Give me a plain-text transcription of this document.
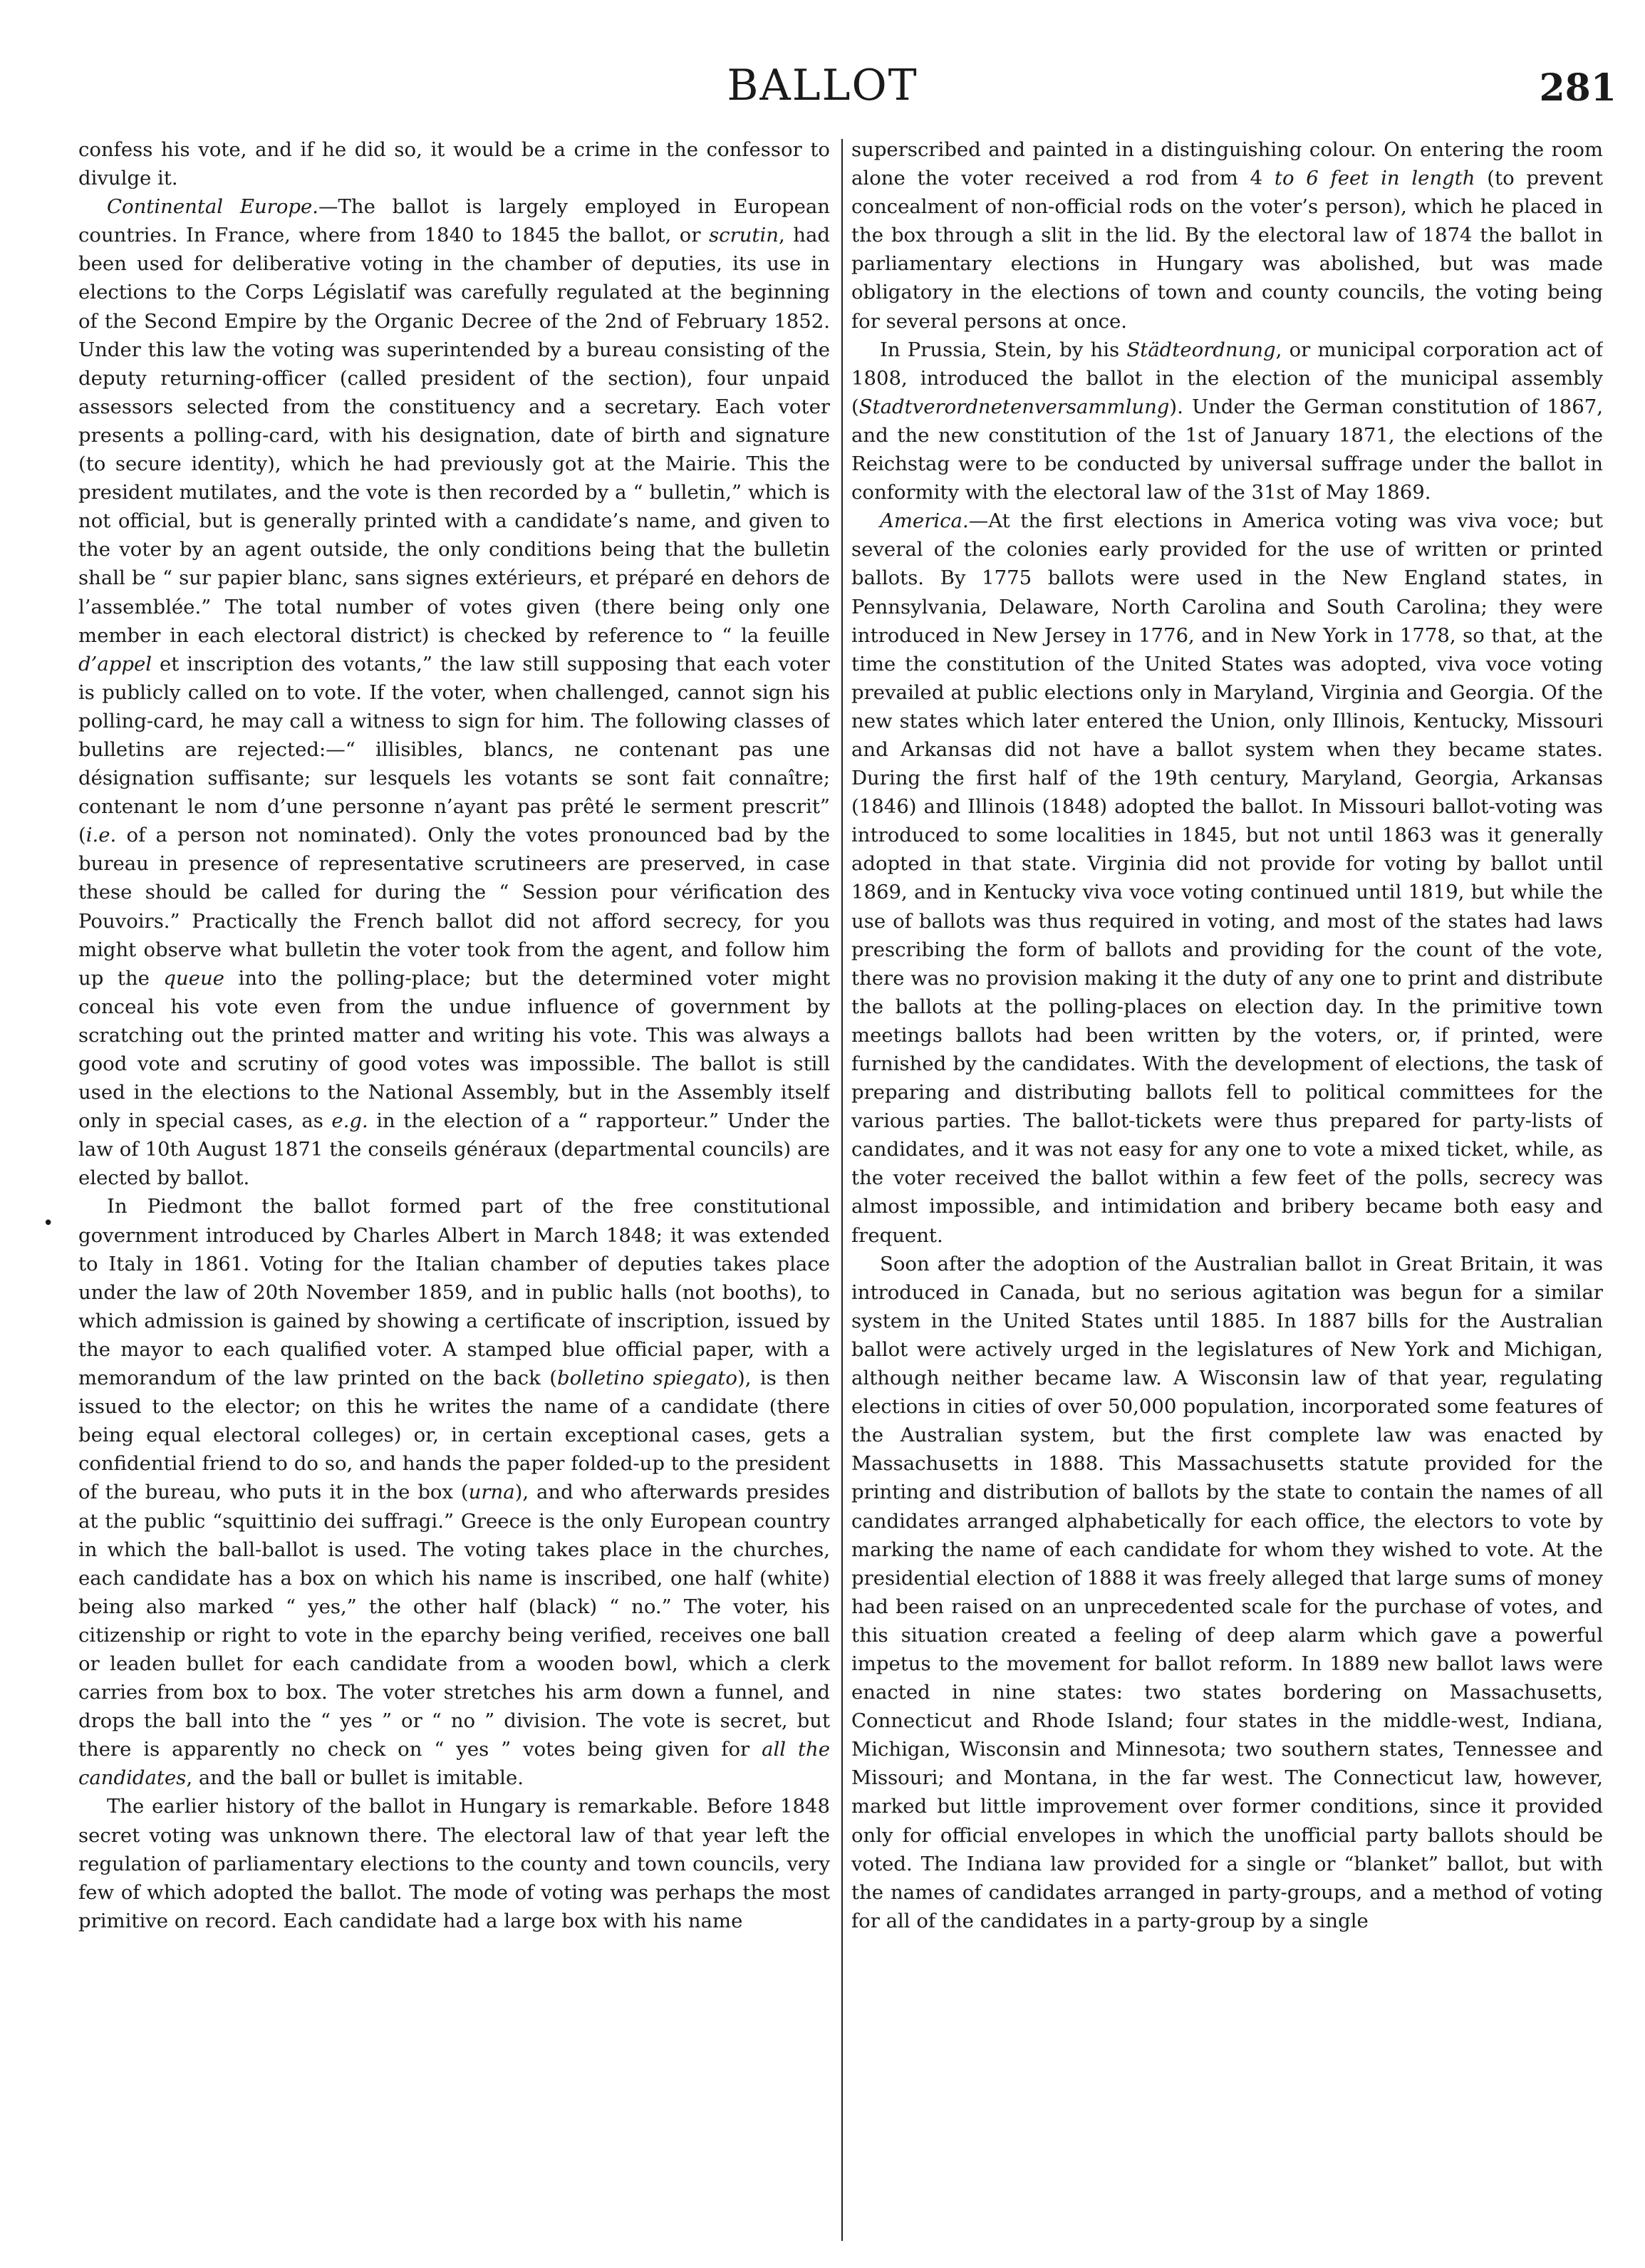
BALLOT	281
•

confess his vote, and if he did so, it would be a crime in the confessor to divulge it.

Continental Europe.—The ballot is largely employed in European countries. In France, where from 1840 to 1845 the ballot, or scrutin, had been used for deliberative voting in the chamber of deputies, its use in elections to the Corps Législatif was carefully regulated at the beginning of the Second Empire by the Organic Decree of the 2nd of February 1852. Under this law the voting was superintended by a bureau consisting of the deputy returning-officer (called president of the section), four unpaid assessors selected from the constituency and a secretary. Each voter presents a polling-card, with his designation, date of birth and signature (to secure identity), which he had previously got at the Mairie. This the president mutilates, and the vote is then recorded by a “ bulletin,” which is not official, but is generally printed with a candidate’s name, and given to the voter by an agent outside, the only conditions being that the bulletin shall be “ sur papier blanc, sans signes extérieurs, et préparé en dehors de l’assemblée.” The total number of votes given (there being only one member in each electoral district) is checked by reference to “ la feuille d’appel et inscription des votants,” the law still supposing that each voter is publicly called on to vote. If the voter, when challenged, cannot sign his polling-card, he may call a witness to sign for him. The following classes of bulletins are rejected:—“ illisibles, blancs, ne contenant pas une désignation suffisante; sur lesquels les votants se sont fait connaître; contenant le nom d’une personne n’ayant pas prêté le serment prescrit” (i.e. of a person not nominated). Only the votes pronounced bad by the bureau in presence of representative scrutineers are preserved, in case these should be called for during the “ Session pour vérification des Pouvoirs.” Practically the French ballot did not afford secrecy, for you might observe what bulletin the voter took from the agent, and follow him up the queue into the polling-place; but the determined voter might conceal his vote even from the undue influence of government by scratching out the printed matter and writing his vote. This was always a good vote and scrutiny of good votes was impossible. The ballot is still used in the elections to the National Assembly, but in the Assembly itself only in special cases, as e.g. in the election of a “ rapporteur.” Under the law of 10th August 1871 the conseils généraux (departmental councils) are elected by ballot.

In Piedmont the ballot formed part of the free constitutional government introduced by Charles Albert in March 1848; it was extended to Italy in 1861. Voting for the Italian chamber of deputies takes place under the law of 20th November 1859, and in public halls (not booths), to which admission is gained by showing a certificate of inscription, issued by the mayor to each qualified voter. A stamped blue official paper, with a memorandum of the law printed on the back (bolletino spiegato), is then issued to the elector; on this he writes the name of a candidate (there being equal electoral colleges) or, in certain exceptional cases, gets a confidential friend to do so, and hands the paper folded-up to the president of the bureau, who puts it in the box (urna), and who afterwards presides at the public “squittinio dei suffragi.” Greece is the only European country in which the ball-ballot is used. The voting takes place in the churches, each candidate has a box on which his name is inscribed, one half (white) being also marked “ yes,” the other half (black) “ no.” The voter, his citizenship or right to vote in the eparchy being verified, receives one ball or leaden bullet for each candidate from a wooden bowl, which a clerk carries from box to box. The voter stretches his arm down a funnel, and drops the ball into the “ yes ” or “ no ” division. The vote is secret, but there is apparently no check on “ yes ” votes being given for all the candidates, and the ball or bullet is imitable.

The earlier history of the ballot in Hungary is remarkable. Before 1848 secret voting was unknown there. The electoral law of that year left the regulation of parliamentary elections to the county and town councils, very few of which adopted the ballot. The mode of voting was perhaps the most primitive on record. Each candidate had a large box with his name

superscribed and painted in a distinguishing colour. On entering the room alone the voter received a rod from 4 to 6 feet in length (to prevent concealment of non-official rods on the voter’s person), which he placed in the box through a slit in the lid. By the electoral law of 1874 the ballot in parliamentary elections in Hungary was abolished, but was made obligatory in the elections of town and county councils, the voting being for several persons at once.

In Prussia, Stein, by his Städteordnung, or municipal corporation act of 1808, introduced the ballot in the election of the municipal assembly (Stadtverordnetenversammlung). Under the German constitution of 1867, and the new constitution of the 1st of January 1871, the elections of the Reichstag were to be conducted by universal suffrage under the ballot in conformity with the electoral law of the 31st of May 1869.

America.—At the first elections in America voting was viva voce; but several of the colonies early provided for the use of written or printed ballots. By 1775 ballots were used in the New England states, in Pennsylvania, Delaware, North Carolina and South Carolina; they were introduced in New Jersey in 1776, and in New York in 1778, so that, at the time the constitution of the United States was adopted, viva voce voting prevailed at public elections only in Maryland, Virginia and Georgia. Of the new states which later entered the Union, only Illinois, Kentucky, Missouri and Arkansas did not have a ballot system when they became states. During the first half of the 19th century, Maryland, Georgia, Arkansas (1846) and Illinois (1848) adopted the ballot. In Missouri ballot-voting was introduced to some localities in 1845, but not until 1863 was it generally adopted in that state. Virginia did not provide for voting by ballot until 1869, and in Kentucky viva voce voting continued until 1819, but while the use of ballots was thus required in voting, and most of the states had laws prescribing the form of ballots and providing for the count of the vote, there was no provision making it the duty of any one to print and distribute the ballots at the polling-places on election day. In the primitive town meetings ballots had been written by the voters, or, if printed, were furnished by the candidates. With the development of elections, the task of preparing and distributing ballots fell to political committees for the various parties. The ballot-tickets were thus prepared for party-lists of candidates, and it was not easy for any one to vote a mixed ticket, while, as the voter received the ballot within a few feet of the polls, secrecy was almost impossible, and intimidation and bribery became both easy and frequent.

Soon after the adoption of the Australian ballot in Great Britain, it was introduced in Canada, but no serious agitation was begun for a similar system in the United States until 1885. In 1887 bills for the Australian ballot were actively urged in the legislatures of New York and Michigan, although neither became law. A Wisconsin law of that year, regulating elections in cities of over 50,000 population, incorporated some features of the Australian system, but the first complete law was enacted by Massachusetts in 1888. This Massachusetts statute provided for the printing and distribution of ballots by the state to contain the names of all candidates arranged alphabetically for each office, the electors to vote by marking the name of each candidate for whom they wished to vote. At the presidential election of 1888 it was freely alleged that large sums of money had been raised on an unprecedented scale for the purchase of votes, and this situation created a feeling of deep alarm which gave a powerful impetus to the movement for ballot reform. In 1889 new ballot laws were enacted in nine states: two states bordering on Massachusetts, Connecticut and Rhode Island; four states in the middle-west, Indiana, Michigan, Wisconsin and Minnesota; two southern states, Tennessee and Missouri; and Montana, in the far west. The Connecticut law, however, marked but little improvement over former conditions, since it provided only for official envelopes in which the unofficial party ballots should be voted. The Indiana law provided for a single or “blanket” ballot, but with the names of candidates arranged in party-groups, and a method of voting for all of the candidates in a party-group by a single
